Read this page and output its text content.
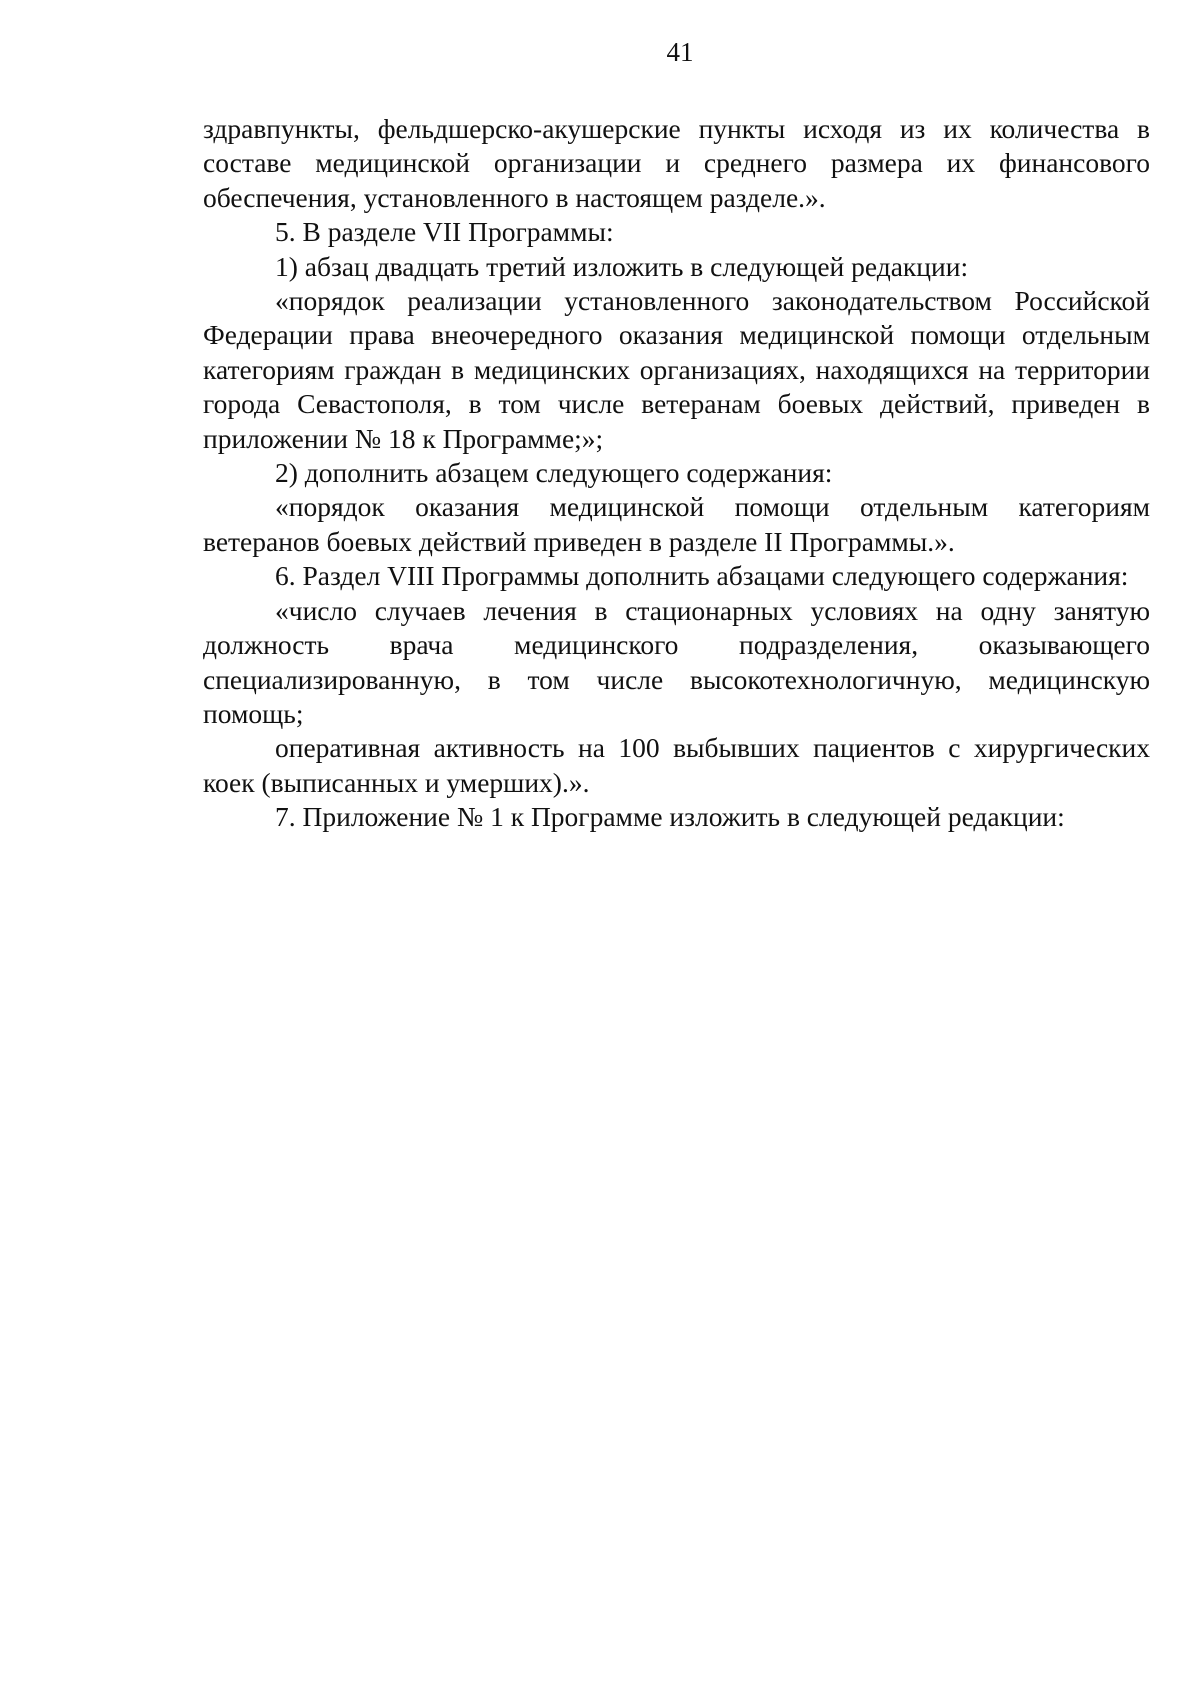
41

здравпункты, фельдшерско-акушерские пункты исходя из их количества в составе медицинской организации и среднего размера их финансового обеспечения, установленного в настоящем разделе.».

5. В разделе VII Программы:

1) абзац двадцать третий изложить в следующей редакции:

«порядок реализации установленного законодательством Российской Федерации права внеочередного оказания медицинской помощи отдельным категориям граждан в медицинских организациях, находящихся на территории города Севастополя, в том числе ветеранам боевых действий, приведен в приложении № 18 к Программе;»;

2) дополнить абзацем следующего содержания:

«порядок оказания медицинской помощи отдельным категориям ветеранов боевых действий приведен в разделе II Программы.».

6. Раздел VIII Программы дополнить абзацами следующего содержания:

«число случаев лечения в стационарных условиях на одну занятую должность врача медицинского подразделения, оказывающего специализированную, в том числе высокотехнологичную, медицинскую помощь;

оперативная активность на 100 выбывших пациентов с хирургических коек (выписанных и умерших).».

7. Приложение № 1 к Программе изложить в следующей редакции:
